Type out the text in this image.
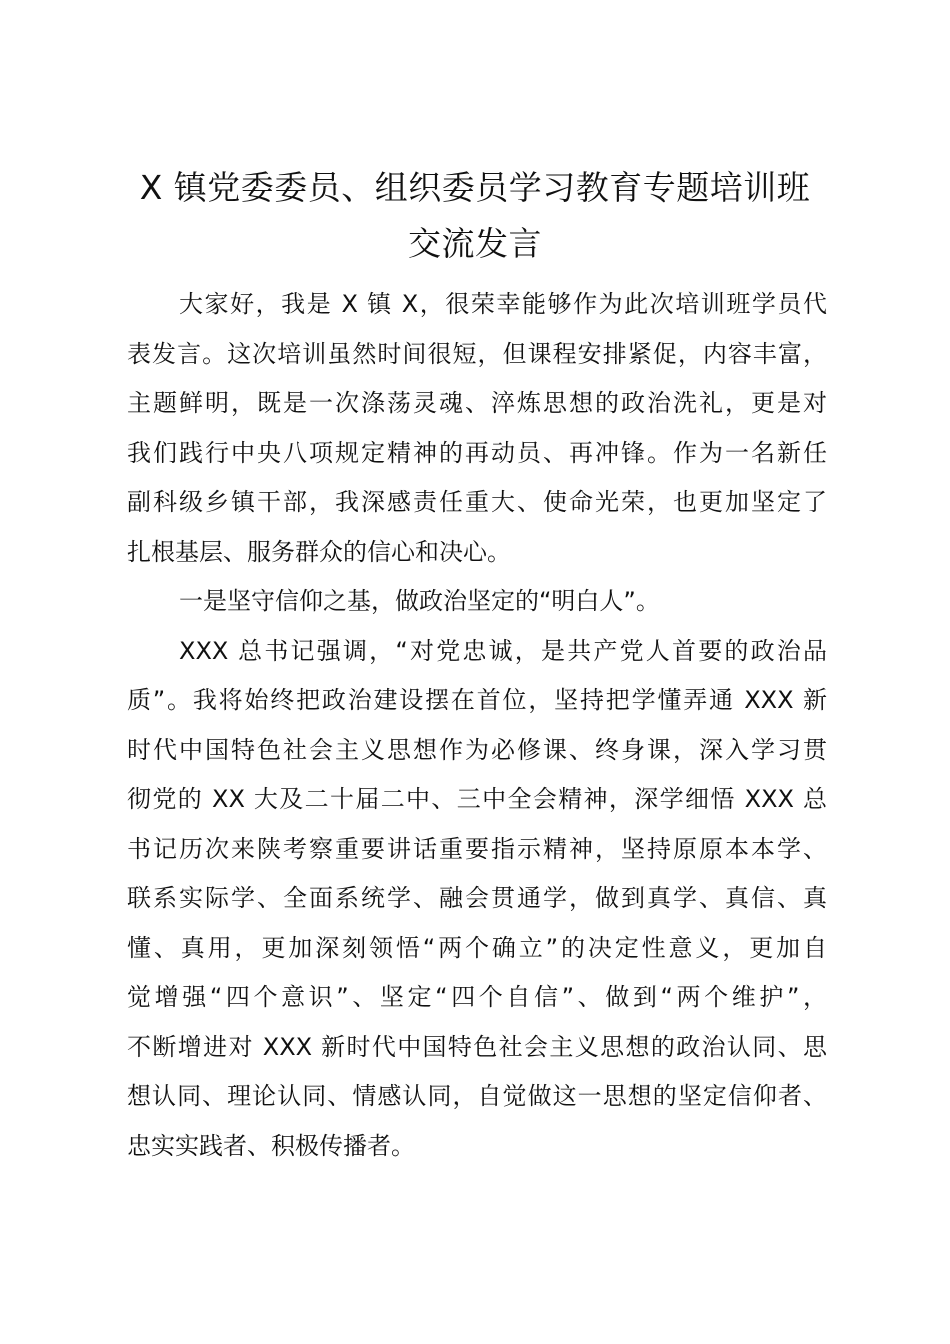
X 镇党委委员、组织委员学习教育专题培训班
交流发言
大家好，我是 X 镇 X，很荣幸能够作为此次培训班学员代
表发言。这次培训虽然时间很短，但课程安排紧促，内容丰富，
主题鲜明，既是一次涤荡灵魂、淬炼思想的政治洗礼，更是对
我们践行中央八项规定精神的再动员、再冲锋。作为一名新任
副科级乡镇干部，我深感责任重大、使命光荣，也更加坚定了
扎根基层、服务群众的信心和决心。
一是坚守信仰之基，做政治坚定的“明白人”。
XXX 总书记强调，“对党忠诚，是共产党人首要的政治品
质”。我将始终把政治建设摆在首位，坚持把学懂弄通 XXX 新
时代中国特色社会主义思想作为必修课、终身课，深入学习贯
彻党的 XX 大及二十届二中、三中全会精神，深学细悟 XXX 总
书记历次来陕考察重要讲话重要指示精神，坚持原原本本学、
联系实际学、全面系统学、融会贯通学，做到真学、真信、真
懂、真用，更加深刻领悟“两个确立”的决定性意义，更加自
觉增强“四个意识”、坚定“四个自信”、做到“两个维护”，
不断增进对 XXX 新时代中国特色社会主义思想的政治认同、思
想认同、理论认同、情感认同，自觉做这一思想的坚定信仰者、
忠实实践者、积极传播者。
